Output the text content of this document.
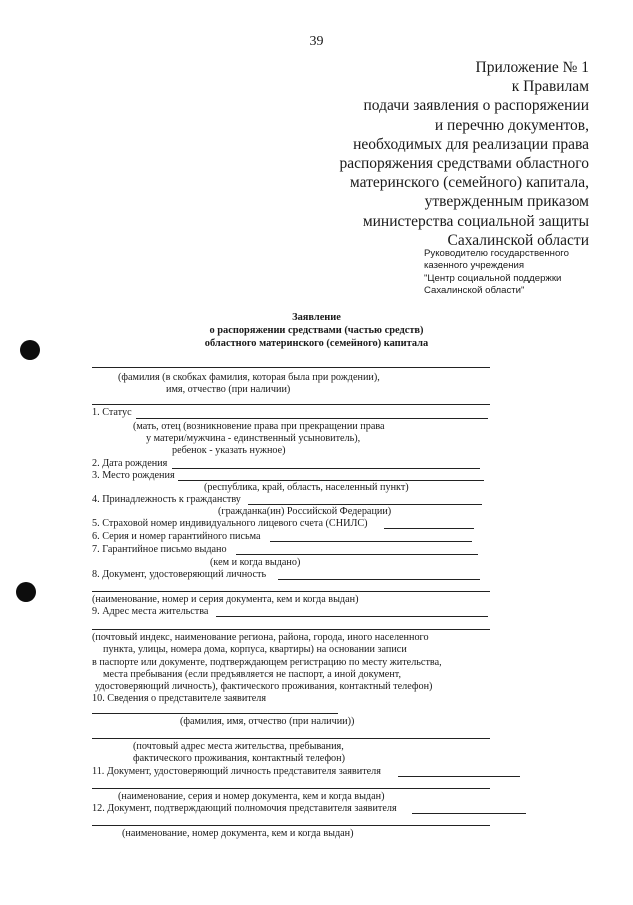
39
Приложение № 1
к Правилам
подачи заявления о распоряжении
и перечню документов,
необходимых для реализации права
распоряжения средствами областного
материнского (семейного) капитала,
утвержденным приказом
министерства социальной защиты
Сахалинской области
Руководителю государственного
казенного учреждения
"Центр социальной поддержки
Сахалинской области"
Заявление
о распоряжении средствами (частью средств)
областного материнского (семейного) капитала
(фамилия (в скобках фамилия, которая была при рождении),
имя, отчество (при наличии)
1. Статус
(мать, отец (возникновение права при прекращении права
у матери/мужчина - единственный усыновитель),
ребенок - указать нужное)
2. Дата рождения
3. Место рождения
(республика, край, область, населенный пункт)
4. Принадлежность к гражданству
(гражданка(ин) Российской Федерации)
5. Страховой номер индивидуального лицевого счета (СНИЛС)
6. Серия и номер гарантийного письма
7. Гарантийное письмо выдано
(кем и когда выдано)
8. Документ, удостоверяющий личность
(наименование, номер и серия документа, кем и когда выдан)
9. Адрес места жительства
(почтовый индекс, наименование региона, района, города, иного населенного
пункта, улицы, номера дома, корпуса, квартиры) на основании записи
в паспорте или документе, подтверждающем регистрацию по месту жительства,
места пребывания (если предъявляется не паспорт, а иной документ,
удостоверяющий личность), фактического проживания, контактный телефон)
10. Сведения о представителе заявителя
(фамилия, имя, отчество (при наличии))
(почтовый адрес места жительства, пребывания,
фактического проживания, контактный телефон)
11. Документ, удостоверяющий личность представителя заявителя
(наименование, серия и номер документа, кем и когда выдан)
12. Документ, подтверждающий полномочия представителя заявителя
(наименование, номер документа, кем и когда выдан)
